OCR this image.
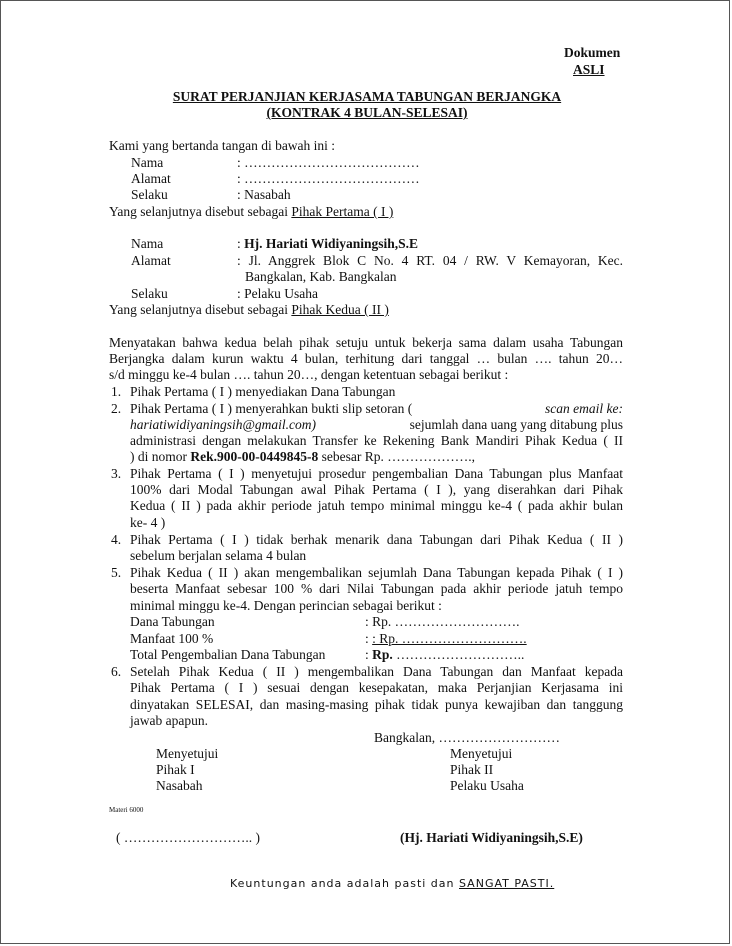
Dokumen
ASLI
SURAT PERJANJIAN KERJASAMA TABUNGAN BERJANGKA
(KONTRAK 4 BULAN-SELESAI)
Kami yang bertanda tangan di bawah ini :
Nama	: …………………………………
Alamat	: …………………………………
Selaku	: Nasabah
Yang selanjutnya disebut sebagai Pihak Pertama ( I )
Nama	: Hj. Hariati Widiyaningsih,S.E
Alamat	: Jl. Anggrek Blok C No. 4 RT. 04 / RW. V Kemayoran, Kec.
Bangkalan, Kab. Bangkalan
Selaku	: Pelaku Usaha
Yang selanjutnya disebut sebagai Pihak Kedua ( II )
Menyatakan bahwa kedua belah pihak setuju untuk bekerja sama dalam usaha Tabungan
Berjangka dalam kurun waktu 4 bulan, terhitung dari tanggal … bulan …. tahun 20…
s/d minggu ke-4 bulan …. tahun 20…, dengan ketentuan sebagai berikut :
1. Pihak Pertama ( I ) menyediakan Dana Tabungan
2. Pihak Pertama ( I ) menyerahkan bukti slip setoran (	scan email ke:
hariatiwidiyaningsih@gmail.com)	sejumlah dana uang yang ditabung plus
administrasi dengan melakukan Transfer ke Rekening Bank Mandiri Pihak Kedua ( II
) di nomor Rek.900-00-0449845-8 sebesar Rp. ……………….,
3. Pihak Pertama ( I ) menyetujui prosedur pengembalian Dana Tabungan plus Manfaat
100% dari Modal Tabungan awal Pihak Pertama ( I ), yang diserahkan dari Pihak
Kedua ( II ) pada akhir periode jatuh tempo minimal minggu ke-4 ( pada akhir bulan
ke- 4 )
4. Pihak Pertama ( I ) tidak berhak menarik dana Tabungan dari Pihak Kedua ( II )
sebelum berjalan selama 4 bulan
5. Pihak Kedua ( II ) akan mengembalikan sejumlah Dana Tabungan kepada Pihak ( I )
beserta Manfaat sebesar 100 % dari Nilai Tabungan pada akhir periode jatuh tempo
minimal minggu ke-4. Dengan perincian sebagai berikut :
Dana Tabungan	: Rp. ……………………….
Manfaat 100 %	: : Rp. ……………………….
Total Pengembalian Dana Tabungan	: Rp. ………………………..
6. Setelah Pihak Kedua ( II ) mengembalikan Dana Tabungan dan Manfaat kepada
Pihak Pertama ( I ) sesuai dengan kesepakatan, maka Perjanjian Kerjasama ini
dinyatakan SELESAI, dan masing-masing pihak tidak punya kewajiban dan tanggung
jawab apapun.
Bangkalan, ………………………
Menyetujui	Menyetujui
Pihak I	Pihak II
Nasabah	Pelaku Usaha
Materi 6000
( ……………………….. )	(Hj. Hariati Widiyaningsih,S.E)
Keuntungan anda adalah pasti dan SANGAT PASTI.
